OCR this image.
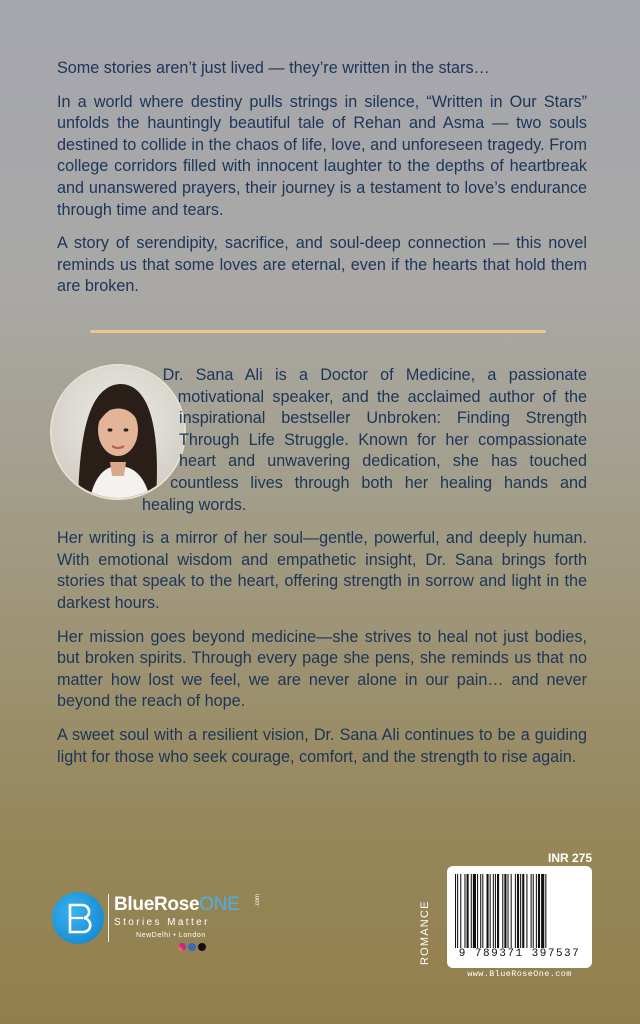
Some stories aren’t just lived — they’re written in the stars…

In a world where destiny pulls strings in silence, “Written in Our Stars” unfolds the hauntingly beautiful tale of Rehan and Asma — two souls destined to collide in the chaos of life, love, and unforeseen tragedy. From college corridors filled with innocent laughter to the depths of heartbreak and unanswered prayers, their journey is a testament to love’s endurance through time and tears.

A story of serendipity, sacrifice, and soul-deep connection — this novel reminds us that some loves are eternal, even if the hearts that hold them are broken.

Dr. Sana Ali is a Doctor of Medicine, a passionate motivational speaker, and the acclaimed author of the inspirational bestseller Unbroken: Finding Strength Through Life Struggle. Known for her compassionate heart and unwavering dedication, she has touched countless lives through both her healing hands and healing words.

Her writing is a mirror of her soul—gentle, powerful, and deeply human. With emotional wisdom and empathetic insight, Dr. Sana brings forth stories that speak to the heart, offering strength in sorrow and light in the darkest hours.

Her mission goes beyond medicine—she strives to heal not just bodies, but broken spirits. Through every page she pens, she reminds us that no matter how lost we feel, we are never alone in our pain… and never beyond the reach of hope.

A sweet soul with a resilient vision, Dr. Sana Ali continues to be a guiding light for those who seek courage, comfort, and the strength to rise again.

BlueRoseONE	.com
Stories Matter
NewDelhi • London
INR 275
ROMANCE	9 789371 397537
www.BlueRoseOne.com
